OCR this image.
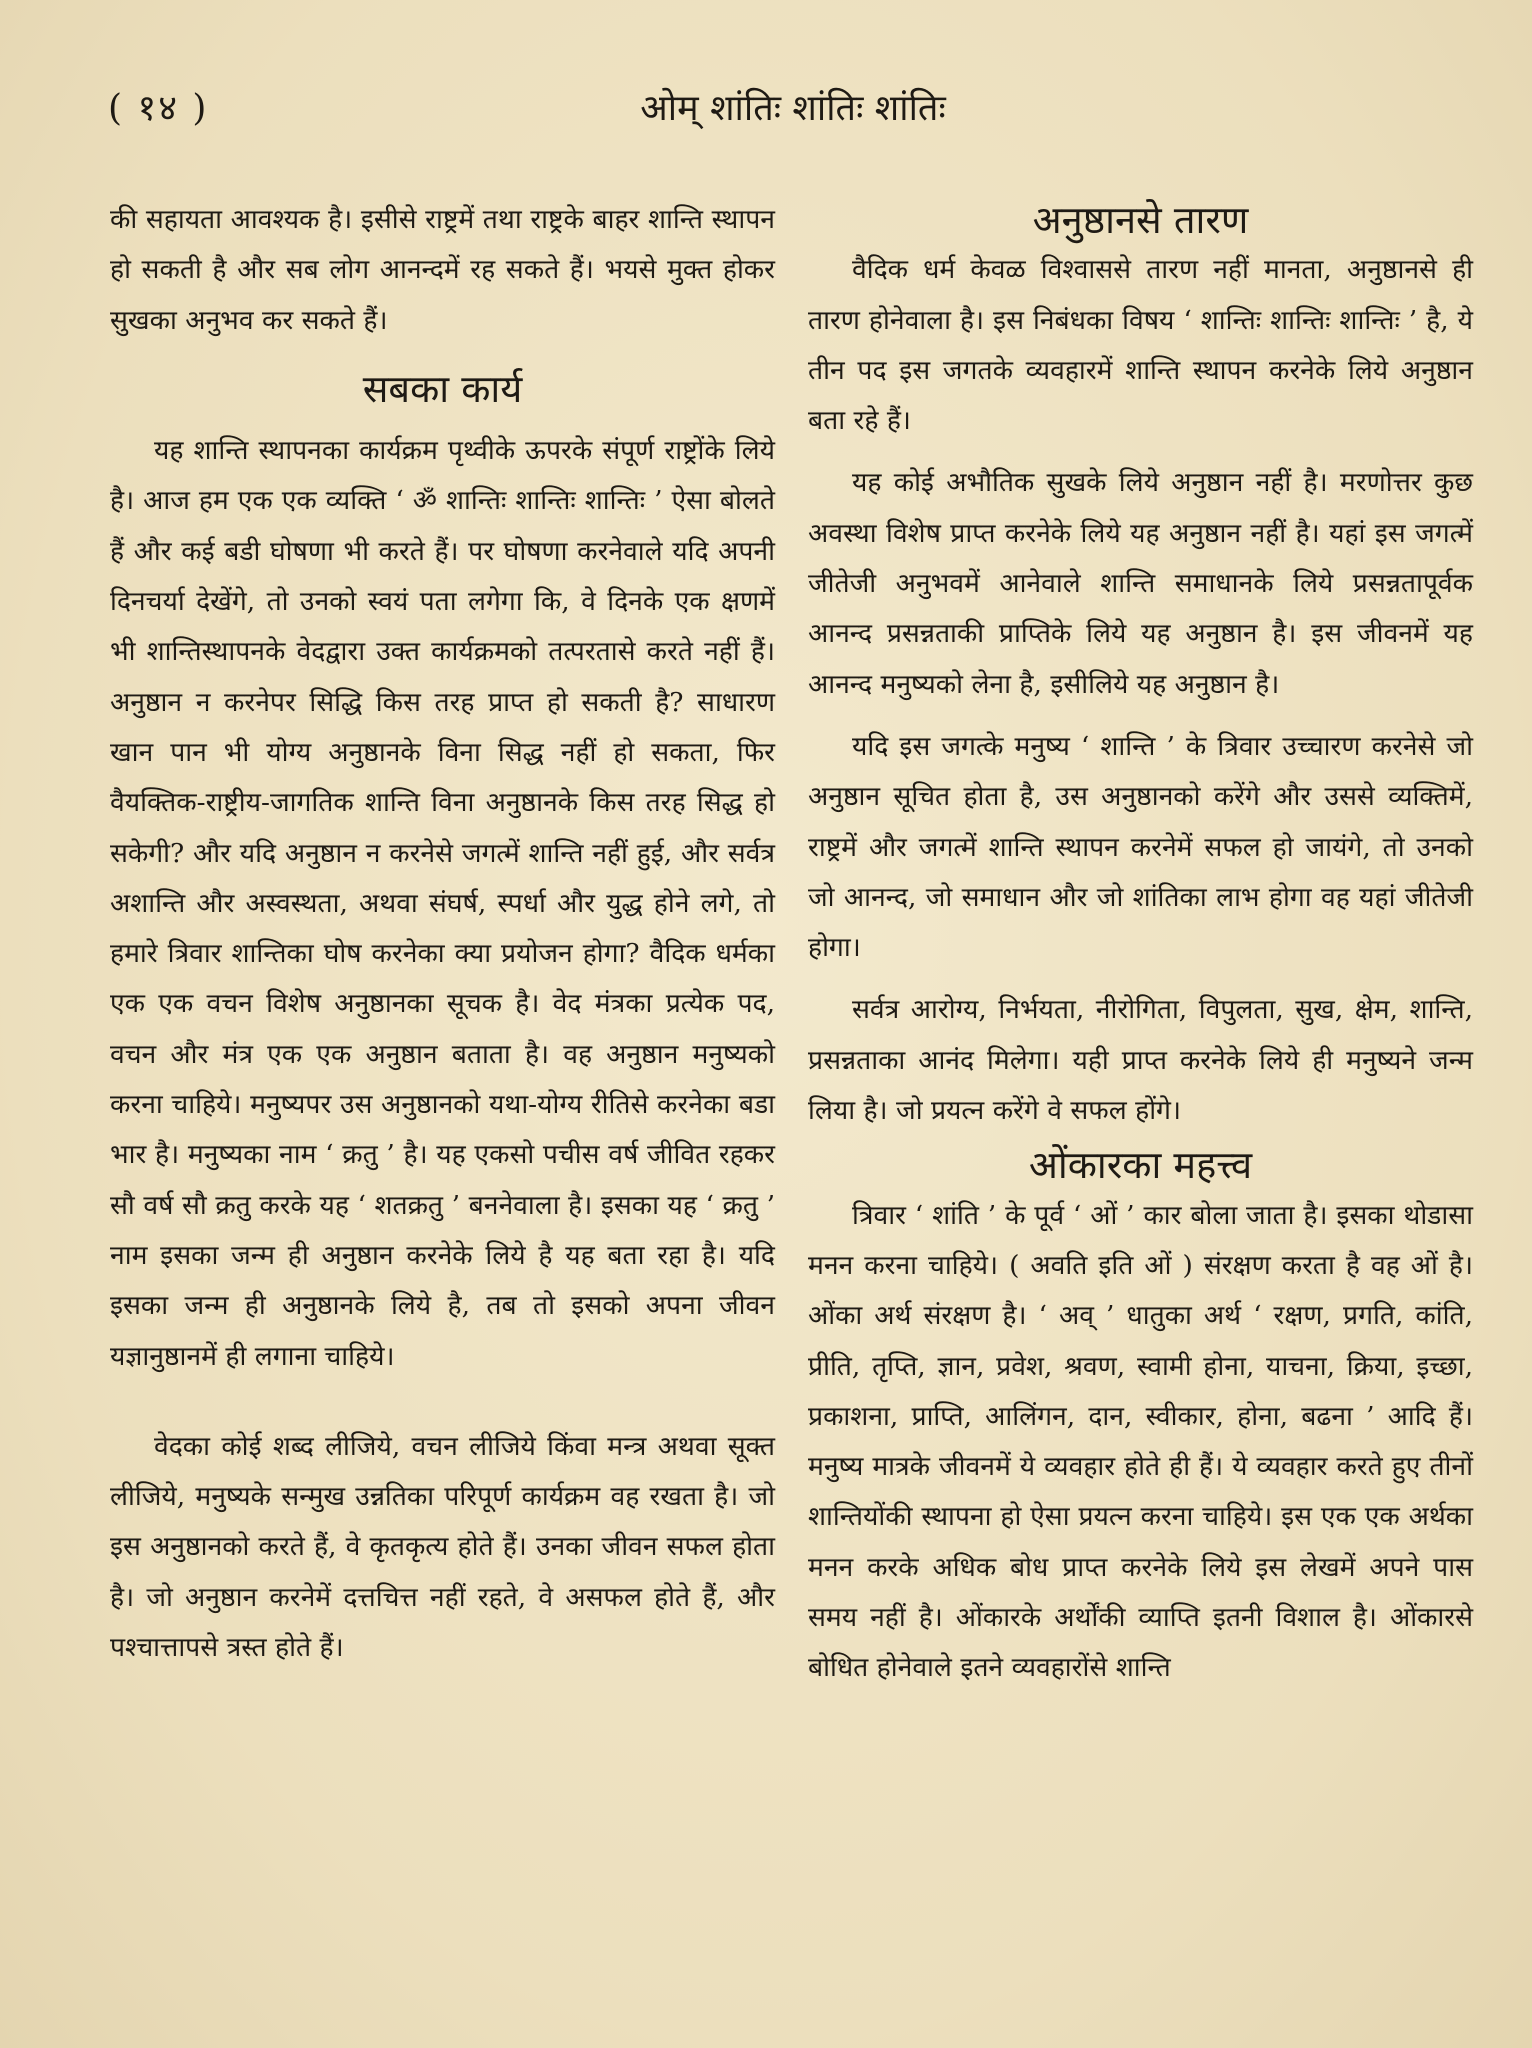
( १४ )	ओम् शांतिः शांतिः शांतिः

की सहायता आवश्यक है। इसीसे राष्ट्रमें तथा राष्ट्रके बाहर शान्ति स्थापन हो सकती है और सब लोग आनन्दमें रह सकते हैं। भयसे मुक्त होकर सुखका अनुभव कर सकते हैं।

सबका कार्य

यह शान्ति स्थापनका कार्यक्रम पृथ्वीके ऊपरके संपूर्ण राष्ट्रोंके लिये है। आज हम एक एक व्यक्ति ‘ ॐ शान्तिः शान्तिः शान्तिः ’ ऐसा बोलते हैं और कई बडी घोषणा भी करते हैं। पर घोषणा करनेवाले यदि अपनी दिनचर्या देखेंगे, तो उनको स्वयं पता लगेगा कि, वे दिनके एक क्षणमें भी शान्तिस्थापनके वेदद्वारा उक्त कार्यक्रमको तत्परतासे करते नहीं हैं। अनुष्ठान न करनेपर सिद्धि किस तरह प्राप्त हो सकती है? साधारण खान पान भी योग्य अनुष्ठानके विना सिद्ध नहीं हो सकता, फिर वैयक्तिक-राष्ट्रीय-जागतिक शान्ति विना अनुष्ठानके किस तरह सिद्ध हो सकेगी? और यदि अनुष्ठान न करनेसे जगत्में शान्ति नहीं हुई, और सर्वत्र अशान्ति और अस्वस्थता, अथवा संघर्ष, स्पर्धा और युद्ध होने लगे, तो हमारे त्रिवार शान्तिका घोष करनेका क्या प्रयोजन होगा? वैदिक धर्मका एक एक वचन विशेष अनुष्ठानका सूचक है। वेद मंत्रका प्रत्येक पद, वचन और मंत्र एक एक अनुष्ठान बताता है। वह अनुष्ठान मनुष्यको करना चाहिये। मनुष्यपर उस अनुष्ठानको यथा-योग्य रीतिसे करनेका बडा भार है। मनुष्यका नाम ‘ क्रतु ’ है। यह एकसो पचीस वर्ष जीवित रहकर सौ वर्ष सौ क्रतु करके यह ‘ शतक्रतु ’ बननेवाला है। इसका यह ‘ क्रतु ’ नाम इसका जन्म ही अनुष्ठान करनेके लिये है यह बता रहा है। यदि इसका जन्म ही अनुष्ठानके लिये है, तब तो इसको अपना जीवन यज्ञानुष्ठानमें ही लगाना चाहिये।

वेदका कोई शब्द लीजिये, वचन लीजिये किंवा मन्त्र अथवा सूक्त लीजिये, मनुष्यके सन्मुख उन्नतिका परिपूर्ण कार्यक्रम वह रखता है। जो इस अनुष्ठानको करते हैं, वे कृतकृत्य होते हैं। उनका जीवन सफल होता है। जो अनुष्ठान करनेमें दत्तचित्त नहीं रहते, वे असफल होते हैं, और पश्चात्तापसे त्रस्त होते हैं।

अनुष्ठानसे तारण

वैदिक धर्म केवळ विश्वाससे तारण नहीं मानता, अनुष्ठानसे ही तारण होनेवाला है। इस निबंधका विषय ‘ शान्तिः शान्तिः शान्तिः ’ है, ये तीन पद इस जगतके व्यवहारमें शान्ति स्थापन करनेके लिये अनुष्ठान बता रहे हैं।

यह कोई अभौतिक सुखके लिये अनुष्ठान नहीं है। मरणोत्तर कुछ अवस्था विशेष प्राप्त करनेके लिये यह अनुष्ठान नहीं है। यहां इस जगत्में जीतेजी अनुभवमें आनेवाले शान्ति समाधानके लिये प्रसन्नतापूर्वक आनन्द प्रसन्नताकी प्राप्तिके लिये यह अनुष्ठान है। इस जीवनमें यह आनन्द मनुष्यको लेना है, इसीलिये यह अनुष्ठान है।

यदि इस जगत्के मनुष्य ‘ शान्ति ’ के त्रिवार उच्चारण करनेसे जो अनुष्ठान सूचित होता है, उस अनुष्ठानको करेंगे और उससे व्यक्तिमें, राष्ट्रमें और जगत्में शान्ति स्थापन करनेमें सफल हो जायंगे, तो उनको जो आनन्द, जो समाधान और जो शांतिका लाभ होगा वह यहां जीतेजी होगा।

सर्वत्र आरोग्य, निर्भयता, नीरोगिता, विपुलता, सुख, क्षेम, शान्ति, प्रसन्नताका आनंद मिलेगा। यही प्राप्त करनेके लिये ही मनुष्यने जन्म लिया है। जो प्रयत्न करेंगे वे सफल होंगे।

ओंकारका महत्त्व

त्रिवार ‘ शांति ’ के पूर्व ‘ ओं ’ कार बोला जाता है। इसका थोडासा मनन करना चाहिये। ( अवति इति ओं ) संरक्षण करता है वह ओं है। ओंका अर्थ संरक्षण है। ‘ अव् ’ धातुका अर्थ ‘ रक्षण, प्रगति, कांति, प्रीति, तृप्ति, ज्ञान, प्रवेश, श्रवण, स्वामी होना, याचना, क्रिया, इच्छा, प्रकाशना, प्राप्ति, आलिंगन, दान, स्वीकार, होना, बढना ’ आदि हैं। मनुष्य मात्रके जीवनमें ये व्यवहार होते ही हैं। ये व्यवहार करते हुए तीनों शान्तियोंकी स्थापना हो ऐसा प्रयत्न करना चाहिये। इस एक एक अर्थका मनन करके अधिक बोध प्राप्त करनेके लिये इस लेखमें अपने पास समय नहीं है। ओंकारके अर्थोंकी व्याप्ति इतनी विशाल है। ओंकारसे बोधित होनेवाले इतने व्यवहारोंसे शान्ति
